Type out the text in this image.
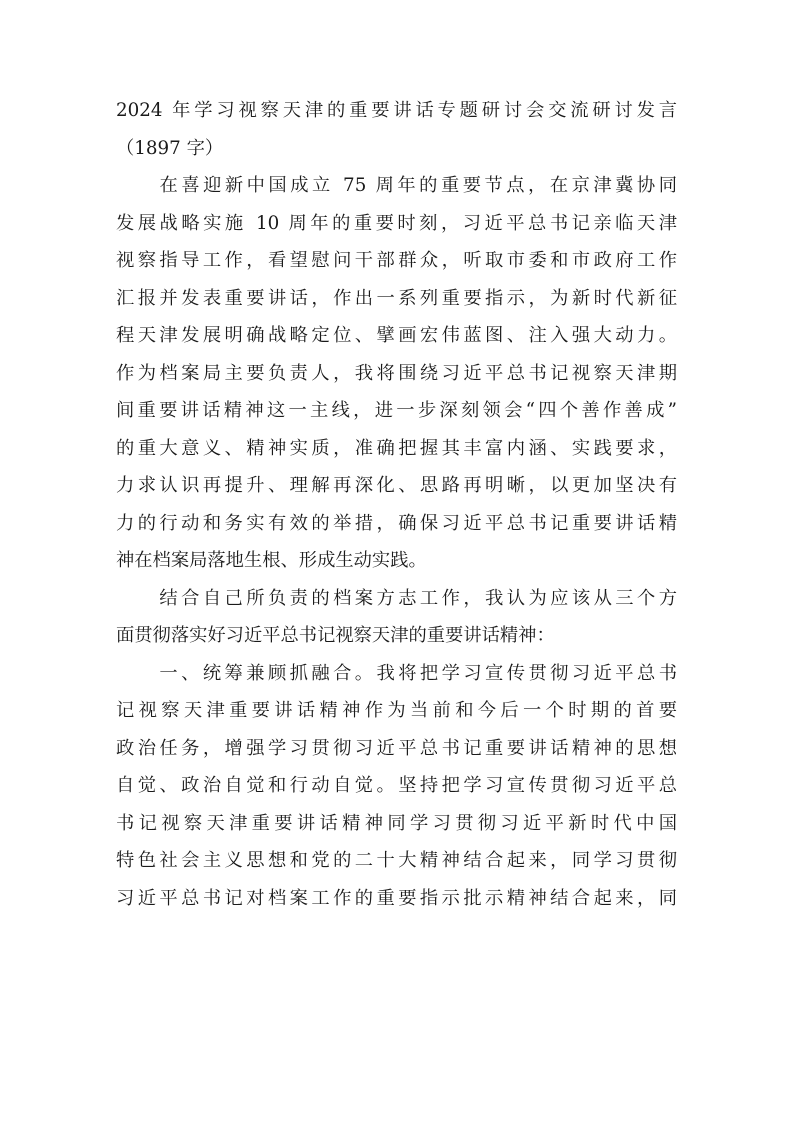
2024 年学习视察天津的重要讲话专题研讨会交流研讨发言
（1897 字）
　　在喜迎新中国成立 75 周年的重要节点，在京津冀协同
发展战略实施 10 周年的重要时刻，习近平总书记亲临天津
视察指导工作，看望慰问干部群众，听取市委和市政府工作
汇报并发表重要讲话，作出一系列重要指示，为新时代新征
程天津发展明确战略定位、擘画宏伟蓝图、注入强大动力。
作为档案局主要负责人，我将围绕习近平总书记视察天津期
间重要讲话精神这一主线，进一步深刻领会“四个善作善成”
的重大意义、精神实质，准确把握其丰富内涵、实践要求，
力求认识再提升、理解再深化、思路再明晰，以更加坚决有
力的行动和务实有效的举措，确保习近平总书记重要讲话精
神在档案局落地生根、形成生动实践。
　　结合自己所负责的档案方志工作，我认为应该从三个方
面贯彻落实好习近平总书记视察天津的重要讲话精神：
　　一、统筹兼顾抓融合。我将把学习宣传贯彻习近平总书
记视察天津重要讲话精神作为当前和今后一个时期的首要
政治任务，增强学习贯彻习近平总书记重要讲话精神的思想
自觉、政治自觉和行动自觉。坚持把学习宣传贯彻习近平总
书记视察天津重要讲话精神同学习贯彻习近平新时代中国
特色社会主义思想和党的二十大精神结合起来，同学习贯彻
习近平总书记对档案工作的重要指示批示精神结合起来，同
